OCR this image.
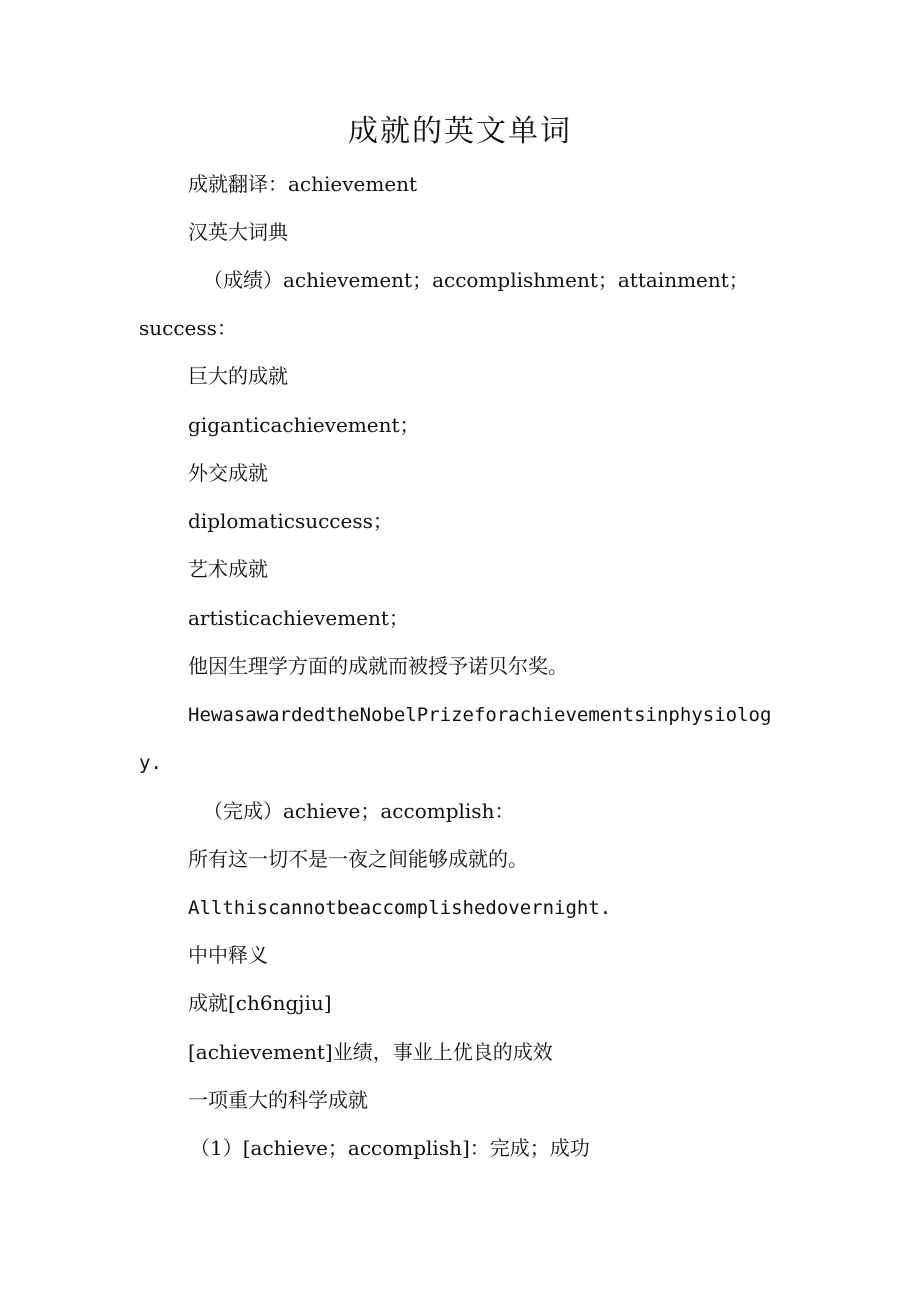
成就的英文单词

成就翻译：achievement

汉英大词典

（成绩）achievement；accomplishment；attainment；

success：

巨大的成就

giganticachievement；

外交成就

diplomaticsuccess；

艺术成就

artisticachievement；

他因生理学方面的成就而被授予诺贝尔奖。

HewasawardedtheNobelPrizeforachievementsinphysiolog

y.

（完成）achieve；accomplish：

所有这一切不是一夜之间能够成就的。

Allthiscannotbeaccomplishedovernight.

中中释义

成就[ch6ngjiu]

[achievement]业绩，事业上优良的成效

一项重大的科学成就

（1）[achieve；accomplish]：完成；成功
